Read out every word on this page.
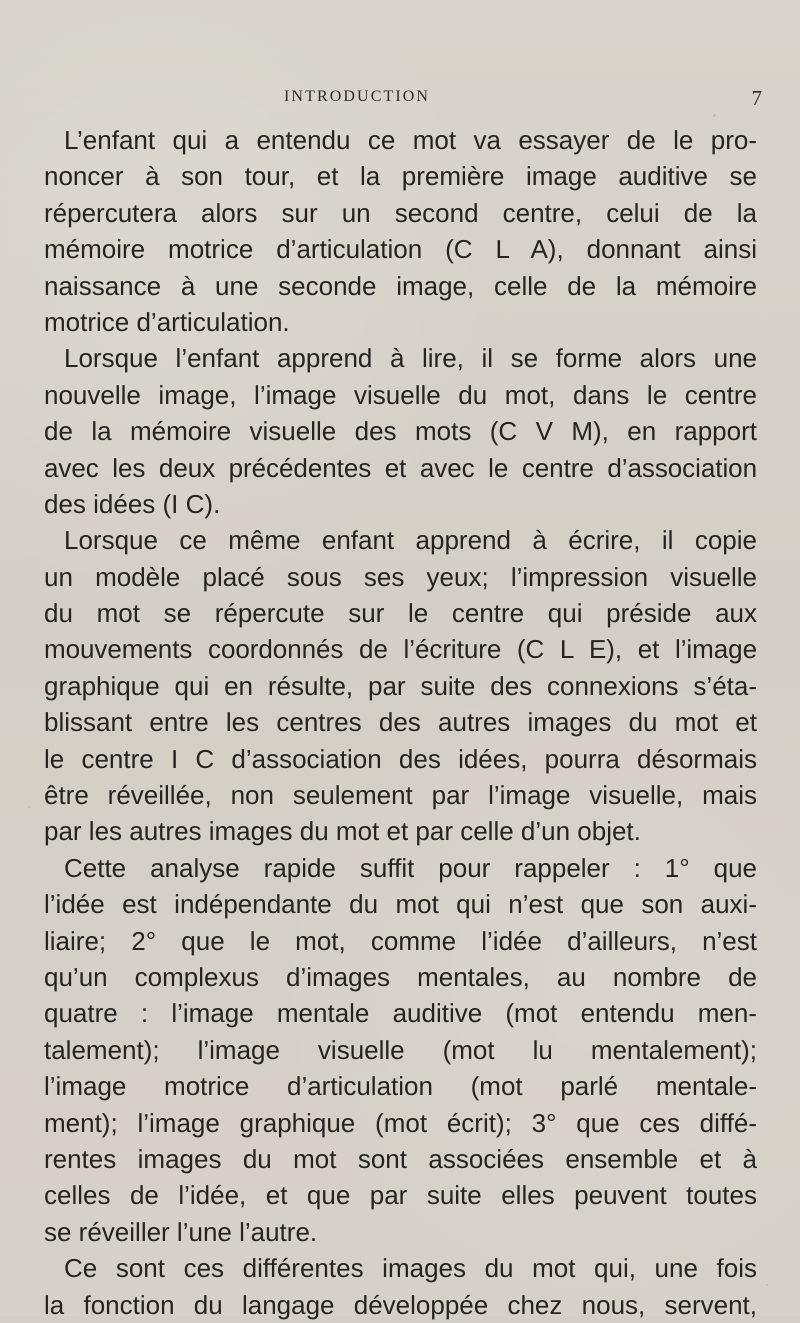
INTRODUCTION	7
L’enfant qui a entendu ce mot va essayer de le pro-
noncer à son tour, et la première image auditive se
répercutera alors sur un second centre, celui de la
mémoire motrice d’articulation (C L A), donnant ainsi
naissance à une seconde image, celle de la mémoire
motrice d’articulation.
Lorsque l’enfant apprend à lire, il se forme alors une
nouvelle image, l’image visuelle du mot, dans le centre
de la mémoire visuelle des mots (C V M), en rapport
avec les deux précédentes et avec le centre d’association
des idées (I C).
Lorsque ce même enfant apprend à écrire, il copie
un modèle placé sous ses yeux; l’impression visuelle
du mot se répercute sur le centre qui préside aux
mouvements coordonnés de l’écriture (C L E), et l’image
graphique qui en résulte, par suite des connexions s’éta-
blissant entre les centres des autres images du mot et
le centre I C d’association des idées, pourra désormais
être réveillée, non seulement par l’image visuelle, mais
par les autres images du mot et par celle d’un objet.
Cette analyse rapide suffit pour rappeler : 1° que
l’idée est indépendante du mot qui n’est que son auxi-
liaire; 2° que le mot, comme l’idée d’ailleurs, n’est
qu’un complexus d’images mentales, au nombre de
quatre : l’image mentale auditive (mot entendu men-
talement); l’image visuelle (mot lu mentalement);
l’image motrice d’articulation (mot parlé mentale-
ment); l’image graphique (mot écrit); 3° que ces diffé-
rentes images du mot sont associées ensemble et à
celles de l’idée, et que par suite elles peuvent toutes
se réveiller l’une l’autre.
Ce sont ces différentes images du mot qui, une fois
la fonction du langage développée chez nous, servent,
